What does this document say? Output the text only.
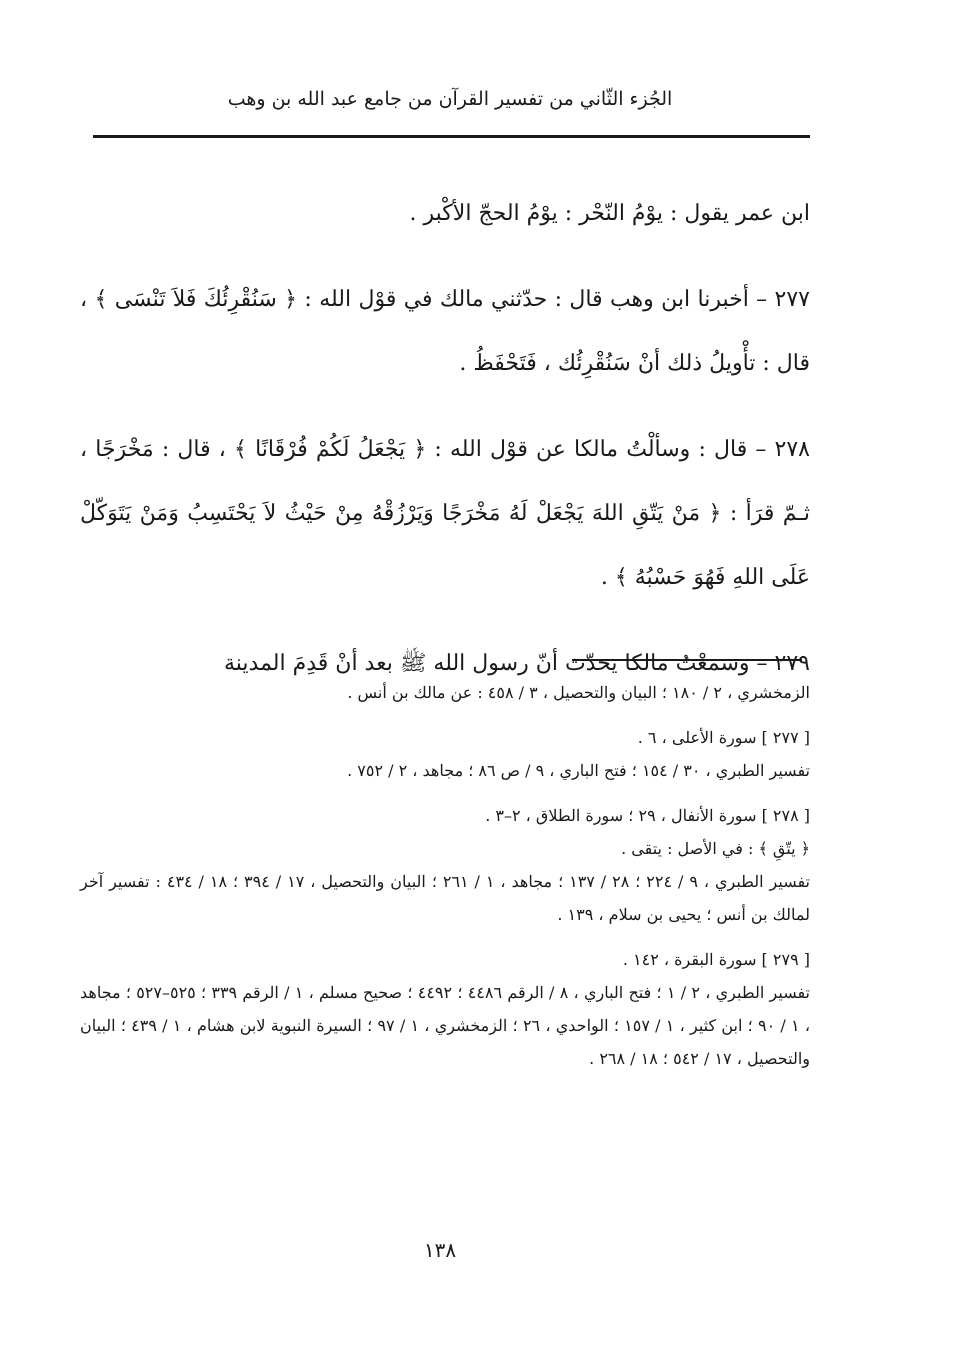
الجُزء الثّاني من تفسير القرآن من جامع عبد الله بن وهب

ابن عمر يقول : يوْمُ النّحْر : يوْمُ الحجّ الأكْبر .

٢٧٧ – أخبرنا ابن وهب قال : حدّثني مالك في قوْل الله : ﴿ سَنُقْرِئُكَ فَلاَ تَنْسَى ﴾ ، قال : تأْويلُ ذلك أنْ سَنُقْرِئُك ، فَتَحْفَظُ .

٢٧٨ – قال : وسألْتُ مالكا عن قوْل الله : ﴿ يَجْعَلُ لَكُمْ فُرْقَانًا ﴾ ، قال : مَخْرَجًا ، ثـمّ قرَأ : ﴿ مَنْ يَتّقِ اللهَ يَجْعَلْ لَهُ مَخْرَجًا وَيَرْزُقْهُ مِنْ حَيْثُ لاَ يَحْتَسِبُ وَمَنْ يَتَوَكّلْ عَلَى اللهِ فَهُوَ حَسْبُهُ ﴾ .

٢٧٩ – وسمعْتُ مالكا يحدّث أنّ رسول الله ﷺ بعد أنْ قَدِمَ المدينة

الزمخشري ، ٢ / ١٨٠ ؛ البيان والتحصيل ، ٣ / ٤٥٨ : عن مالك بن أنس .

[ ٢٧٧ ] سورة الأعلى ، ٦ .

تفسير الطبري ، ٣٠ / ١٥٤ ؛ فتح الباري ، ٩ / ص ٨٦ ؛ مجاهد ، ٢ / ٧٥٢ .

[ ٢٧٨ ] سورة الأنفال ، ٢٩ ؛ سورة الطلاق ، ٢–٣ .

﴿ يتّقِ ﴾ : في الأصل : يتقى .

تفسير الطبري ، ٩ / ٢٢٤ ؛ ٢٨ / ١٣٧ ؛ مجاهد ، ١ / ٢٦١ ؛ البيان والتحصيل ، ١٧ / ٣٩٤ ؛ ١٨ / ٤٣٤ : تفسير آخر لمالك بن أنس ؛ يحيى بن سلام ، ١٣٩ .

[ ٢٧٩ ] سورة البقرة ، ١٤٢ .

تفسير الطبري ، ٢ / ١ ؛ فتح الباري ، ٨ / الرقم ٤٤٨٦ ؛ ٤٤٩٢ ؛ صحيح مسلم ، ١ / الرقم ٣٣٩ ؛ ٥٢٥–٥٢٧ ؛ مجاهد ، ١ / ٩٠ ؛ ابن كثير ، ١ / ١٥٧ ؛ الواحدي ، ٢٦ ؛ الزمخشري ، ١ / ٩٧ ؛ السيرة النبوية لابن هشام ، ١ / ٤٣٩ ؛ البيان والتحصيل ، ١٧ / ٥٤٢ ؛ ١٨ / ٢٦٨ .

١٣٨
